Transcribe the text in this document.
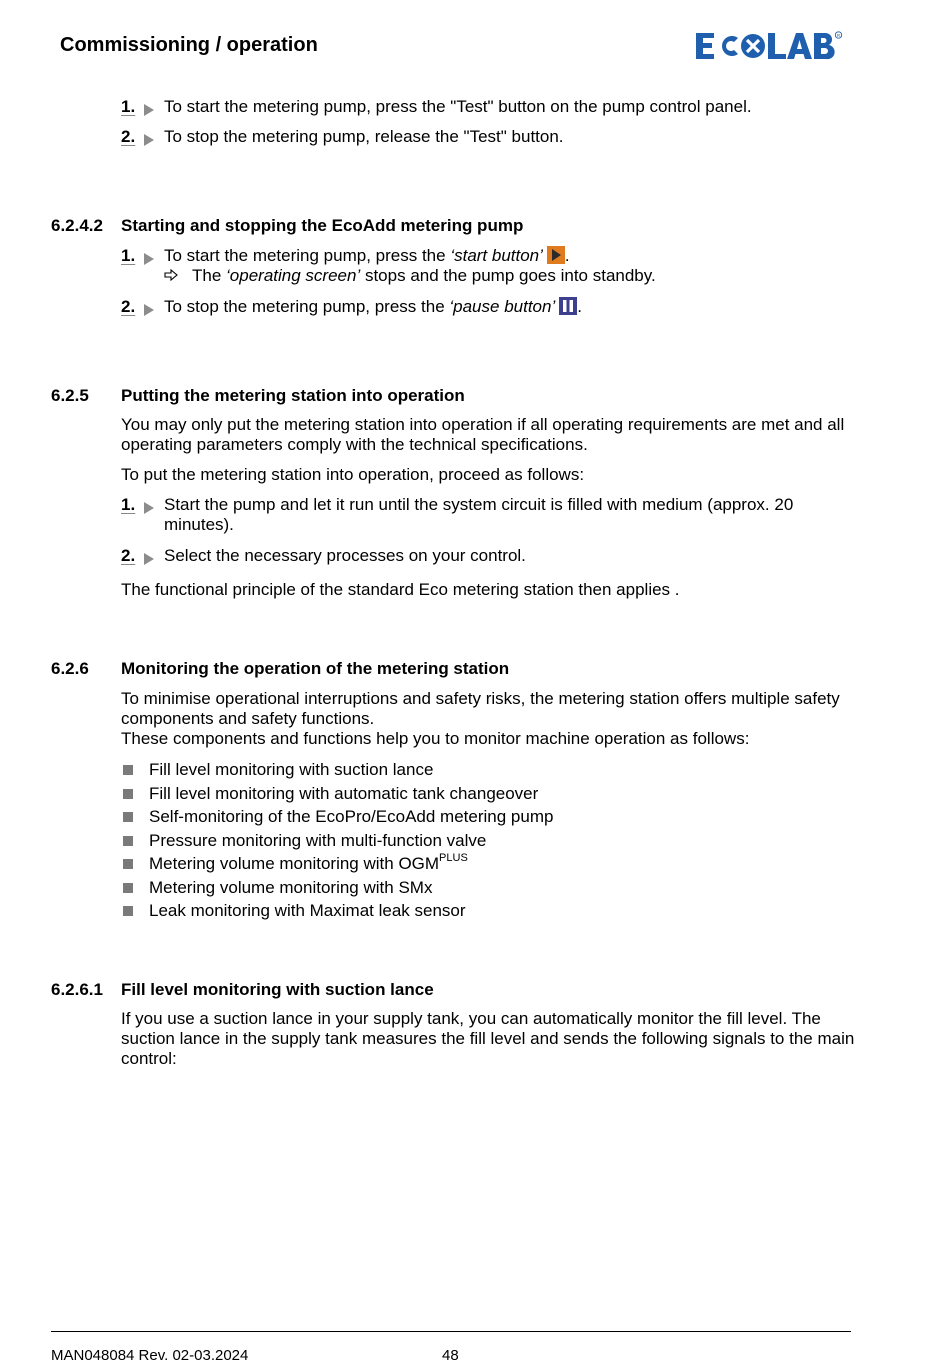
Commissioning / operation	R
1. To start the metering pump, press the "Test" button on the pump control panel.
2. To stop the metering pump, release the "Test" button.
6.2.4.2 Starting and stopping the EcoAdd metering pump
1. To start the metering pump, press the ‘start button’ .
The ‘operating screen’ stops and the pump goes into standby.
2. To stop the metering pump, press the ‘pause button’ .
6.2.5 Putting the metering station into operation
You may only put the metering station into operation if all operating requirements are met and all operating parameters comply with the technical specifications.
To put the metering station into operation, proceed as follows:
1. Start the pump and let it run until the system circuit is filled with medium (approx. 20 minutes).
2. Select the necessary processes on your control.
The functional principle of the standard Eco metering station then applies .
6.2.6 Monitoring the operation of the metering station
To minimise operational interruptions and safety risks, the metering station offers multiple safety components and safety functions.
These components and functions help you to monitor machine operation as follows:
Fill level monitoring with suction lance
Fill level monitoring with automatic tank changeover
Self-monitoring of the EcoPro/EcoAdd metering pump
Pressure monitoring with multi-function valve
Metering volume monitoring with $OGM^{PLUS}$
Metering volume monitoring with SMx
Leak monitoring with Maximat leak sensor
6.2.6.1 Fill level monitoring with suction lance
If you use a suction lance in your supply tank, you can automatically monitor the fill level. The suction lance in the supply tank measures the fill level and sends the following signals to the main control:
MAN048084 Rev. 02-03.2024	48
